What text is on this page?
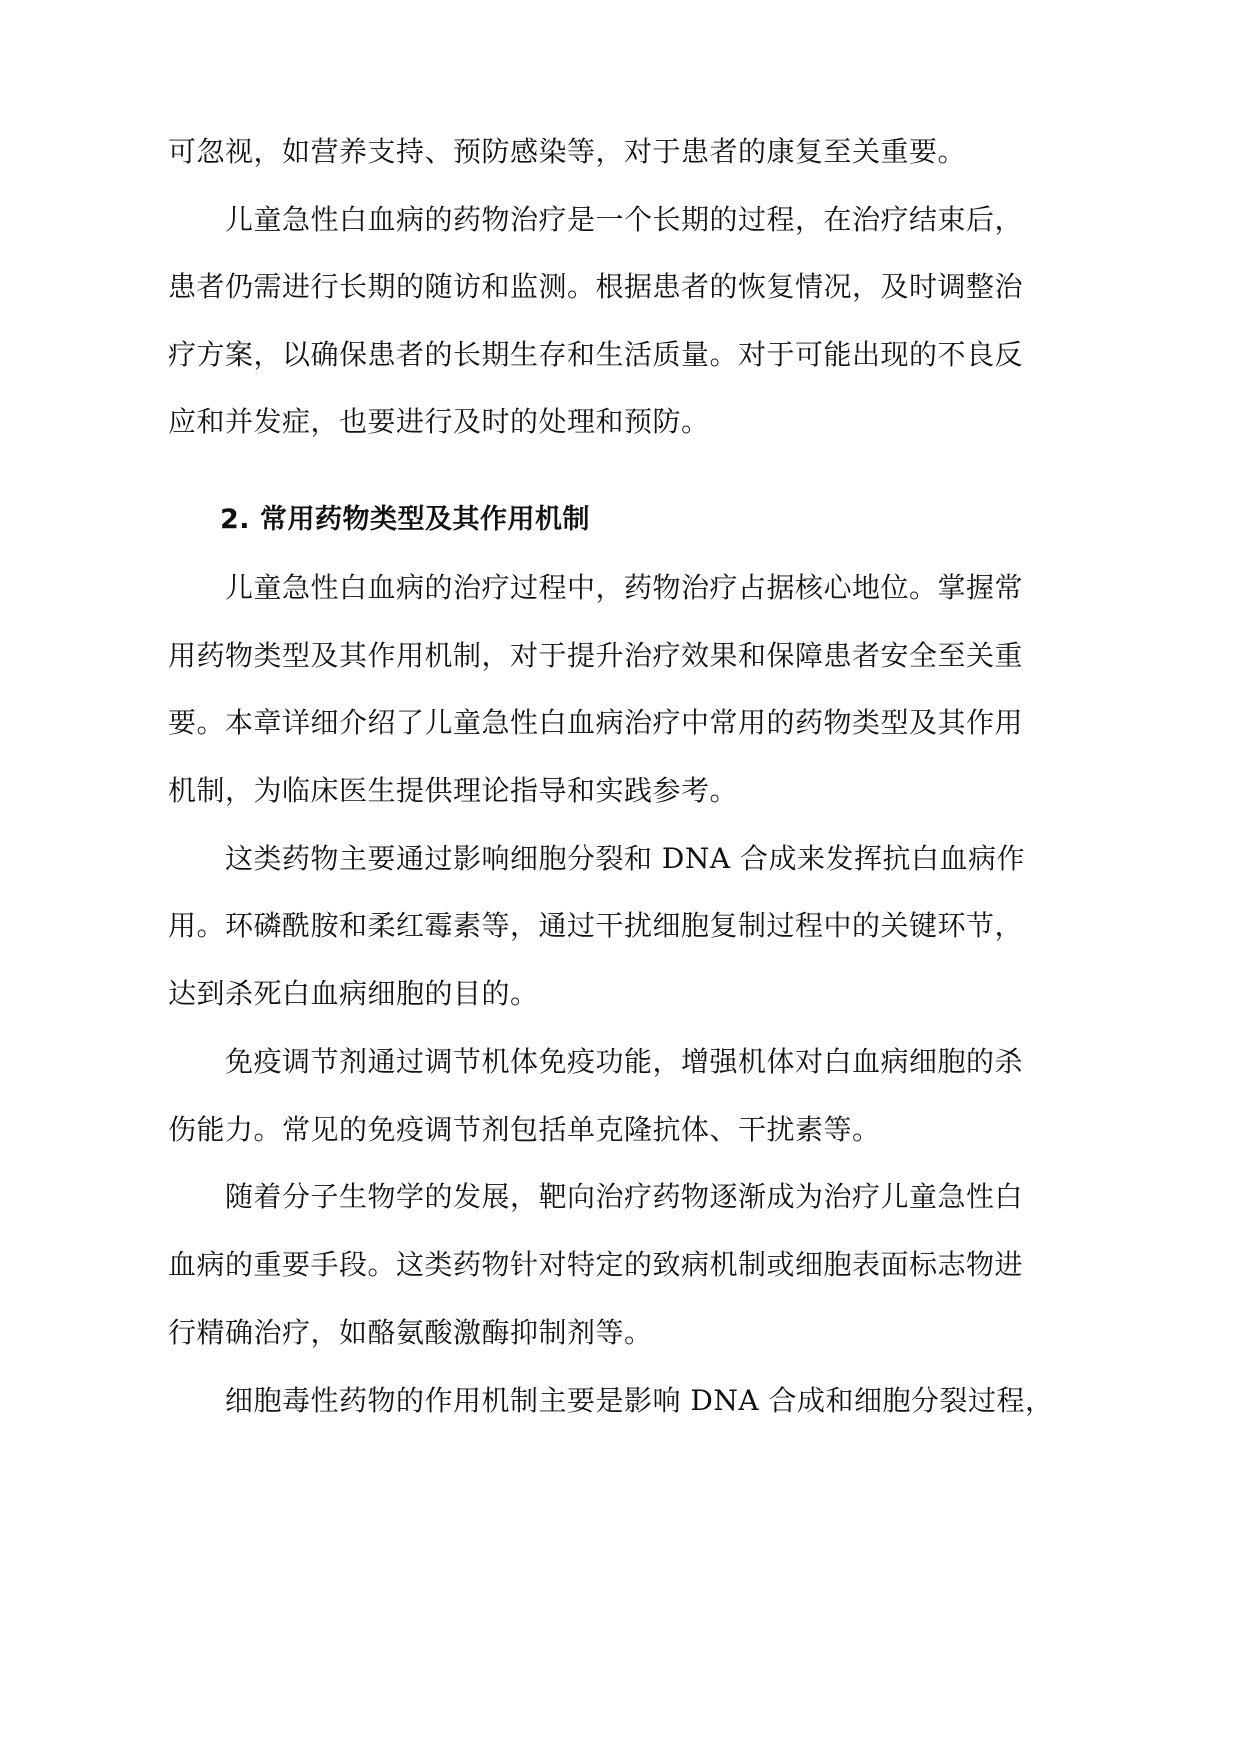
可忽视，如营养支持、预防感染等，对于患者的康复至关重要。
儿童急性白血病的药物治疗是一个长期的过程，在治疗结束后，
患者仍需进行长期的随访和监测。根据患者的恢复情况，及时调整治
疗方案，以确保患者的长期生存和生活质量。对于可能出现的不良反
应和并发症，也要进行及时的处理和预防。
2. 常用药物类型及其作用机制
儿童急性白血病的治疗过程中，药物治疗占据核心地位。掌握常
用药物类型及其作用机制，对于提升治疗效果和保障患者安全至关重
要。本章详细介绍了儿童急性白血病治疗中常用的药物类型及其作用
机制，为临床医生提供理论指导和实践参考。
这类药物主要通过影响细胞分裂和 DNA 合成来发挥抗白血病作
用。环磷酰胺和柔红霉素等，通过干扰细胞复制过程中的关键环节，
达到杀死白血病细胞的目的。
免疫调节剂通过调节机体免疫功能，增强机体对白血病细胞的杀
伤能力。常见的免疫调节剂包括单克隆抗体、干扰素等。
随着分子生物学的发展，靶向治疗药物逐渐成为治疗儿童急性白
血病的重要手段。这类药物针对特定的致病机制或细胞表面标志物进
行精确治疗，如酪氨酸激酶抑制剂等。
细胞毒性药物的作用机制主要是影响 DNA 合成和细胞分裂过程，
